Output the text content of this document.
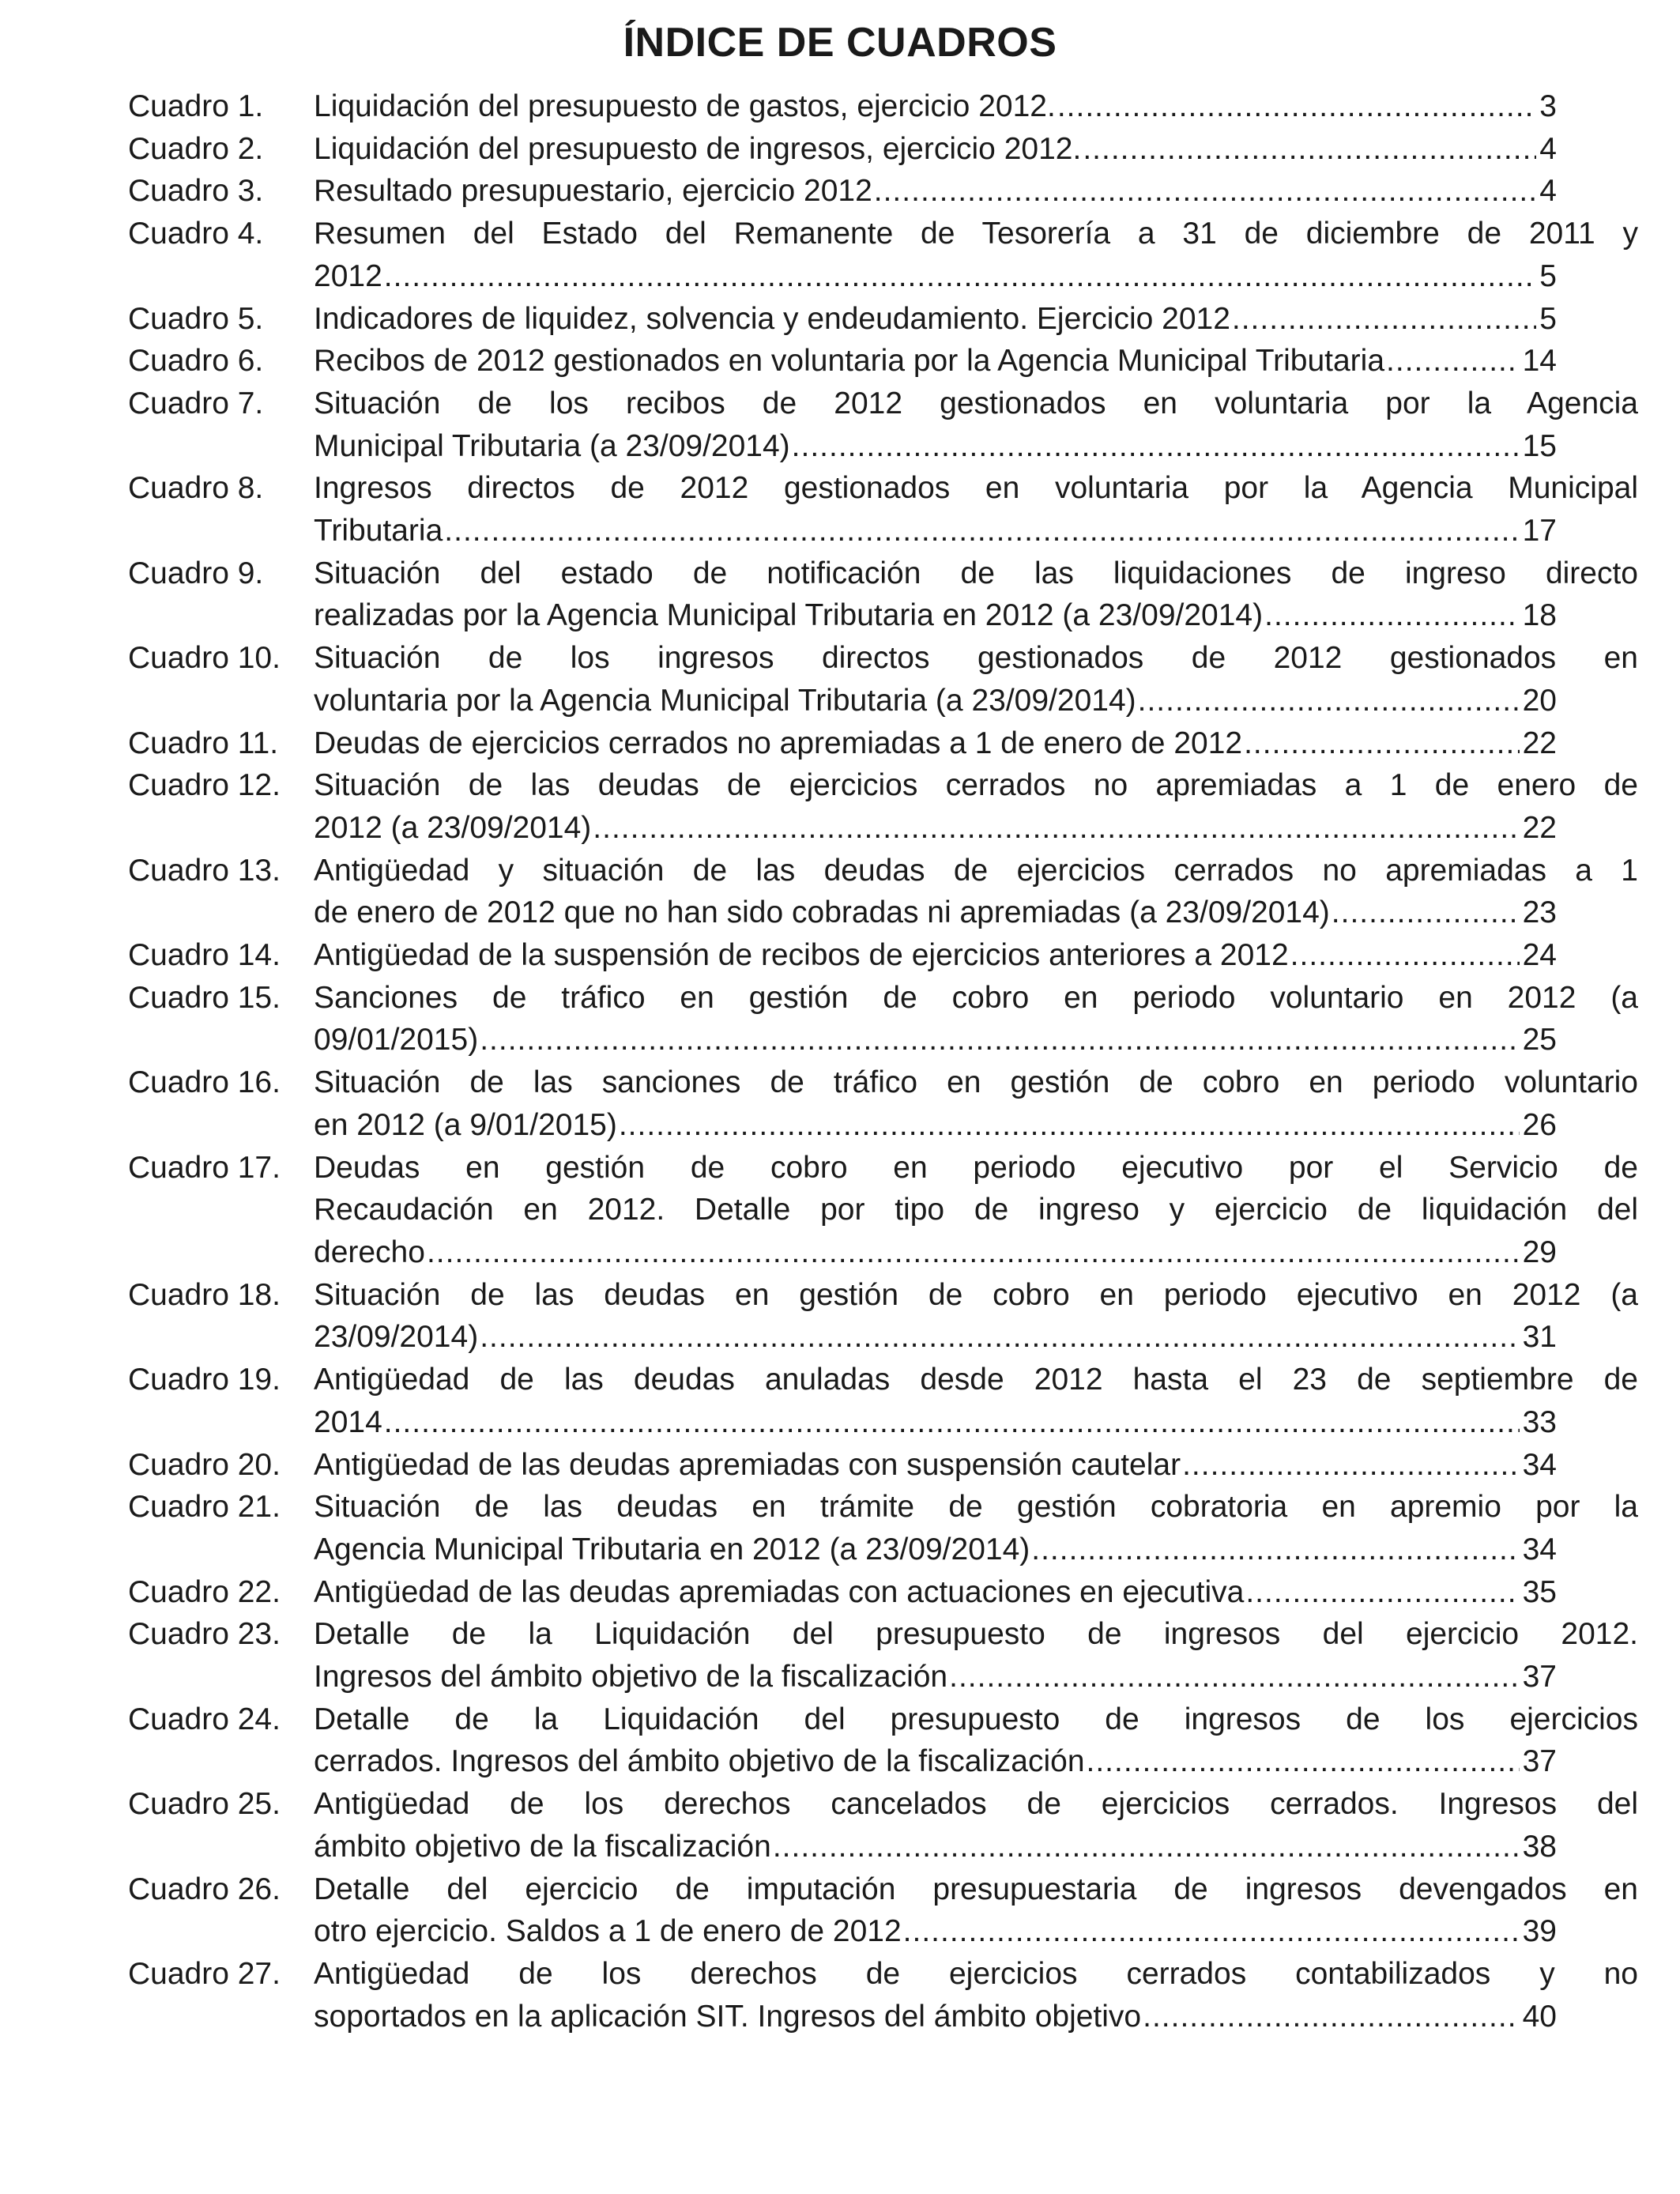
ÍNDICE DE CUADROS
Cuadro 1.	Liquidación del presupuesto de gastos, ejercicio 2012. .....	3
Cuadro 2.	Liquidación del presupuesto de ingresos, ejercicio 2012. .....	4
Cuadro 3.	Resultado presupuestario, ejercicio 2012 .....	4
Cuadro 4.	Resumen del Estado del Remanente de Tesorería a 31 de diciembre de 2011 y
2012 .....	5
Cuadro 5.	Indicadores de liquidez, solvencia y endeudamiento. Ejercicio 2012 .....	5
Cuadro 6.	Recibos de 2012 gestionados en voluntaria por la Agencia Municipal Tributaria .....	14
Cuadro 7.	Situación de los recibos de 2012 gestionados en voluntaria por la Agencia
Municipal Tributaria (a 23/09/2014) .....	15
Cuadro 8.	Ingresos directos de 2012 gestionados en voluntaria por la Agencia Municipal
Tributaria .....	17
Cuadro 9.	Situación del estado de notificación de las liquidaciones de ingreso directo
realizadas por la Agencia Municipal Tributaria en 2012 (a 23/09/2014) .....	18
Cuadro 10.	Situación de los ingresos directos gestionados de 2012 gestionados en
voluntaria por la Agencia Municipal Tributaria (a 23/09/2014) .....	20
Cuadro 11.	Deudas de ejercicios cerrados no apremiadas a 1 de enero de 2012 .....	22
Cuadro 12.	Situación de las deudas de ejercicios cerrados no apremiadas a 1 de enero de
2012 (a 23/09/2014) .....	22
Cuadro 13.	Antigüedad y situación de las deudas de ejercicios cerrados no apremiadas a 1
de enero de 2012 que no han sido cobradas ni apremiadas (a 23/09/2014) .....	23
Cuadro 14.	Antigüedad de la suspensión de recibos de ejercicios anteriores a 2012 .....	24
Cuadro 15.	Sanciones de tráfico en gestión de cobro en periodo voluntario en 2012 (a
09/01/2015) .....	25
Cuadro 16.	Situación de las sanciones de tráfico en gestión de cobro en periodo voluntario
en 2012 (a 9/01/2015) .....	26
Cuadro 17.	Deudas en gestión de cobro en periodo ejecutivo por el Servicio de
Recaudación en 2012. Detalle por tipo de ingreso y ejercicio de liquidación del
derecho .....	29
Cuadro 18.	Situación de las deudas en gestión de cobro en periodo ejecutivo en 2012 (a
23/09/2014) .....	31
Cuadro 19.	Antigüedad de las deudas anuladas desde 2012 hasta el 23 de septiembre de
2014 .....	33
Cuadro 20.	Antigüedad de las deudas apremiadas con suspensión cautelar .....	34
Cuadro 21.	Situación de las deudas en trámite de gestión cobratoria en apremio por la
Agencia Municipal Tributaria en 2012 (a 23/09/2014) .....	34
Cuadro 22.	Antigüedad de las deudas apremiadas con actuaciones en ejecutiva .....	35
Cuadro 23.	Detalle de la Liquidación del presupuesto de ingresos del ejercicio 2012.
Ingresos del ámbito objetivo de la fiscalización .....	37
Cuadro 24.	Detalle de la Liquidación del presupuesto de ingresos de los ejercicios
cerrados. Ingresos del ámbito objetivo de la fiscalización .....	37
Cuadro 25.	Antigüedad de los derechos cancelados de ejercicios cerrados. Ingresos del
ámbito objetivo de la fiscalización .....	38
Cuadro 26.	Detalle del ejercicio de imputación presupuestaria de ingresos devengados en
otro ejercicio. Saldos a 1 de enero de 2012 .....	39
Cuadro 27.	Antigüedad de los derechos de ejercicios cerrados contabilizados y no
soportados en la aplicación SIT. Ingresos del ámbito objetivo .....	40
